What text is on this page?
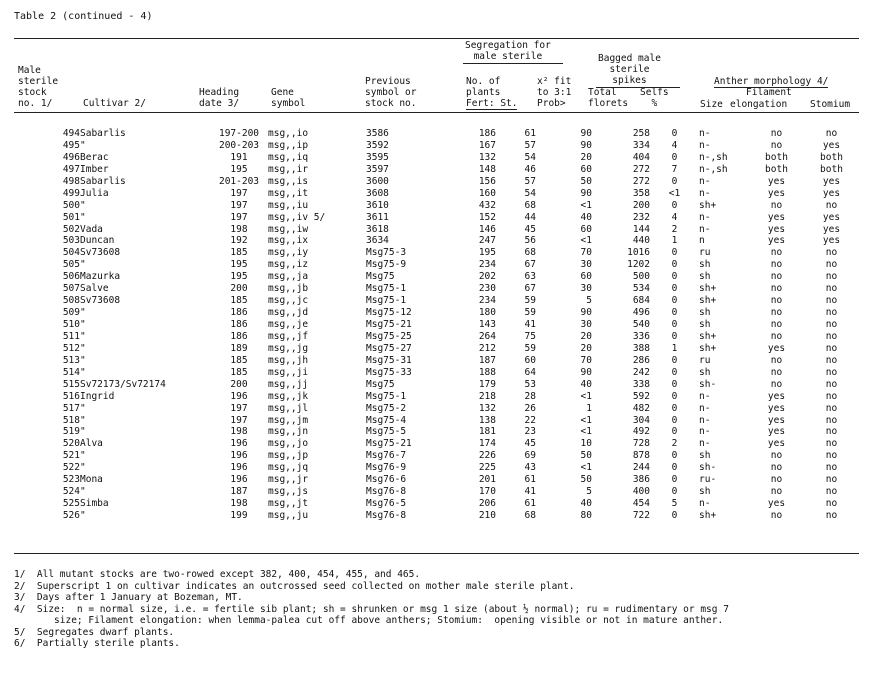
Table 2 (continued - 4)
Male
sterile
stock
no. 1/	Cultivar 2/
Heading
date 3/
Gene
symbol
Previous
symbol or
stock no.
Segregation for
male sterile
No. of
plants
Fert: St.
x² fit
to 3:1
Prob>
Bagged male
sterile
spikes
Total
florets
Selfs
%
Anther morphology 4/
Filament
Size elongation Stomium
	494	Sabarlis	197-200	msg,,io	3586	186	61	90	258	0	n-	no	no
	495	"	200-203	msg,,ip	3592	167	57	90	334	4	n-	no	yes
	496	Berac	191	msg,,iq	3595	132	54	20	404	0	n-,sh	both	both
	497	Imber	195	msg,,ir	3597	148	46	60	272	7	n-,sh	both	both
	498	Sabarlis	201-203	msg,,is	3600	156	57	50	272	0	n-	yes	yes
	499	Julia	197	msg,,it	3608	160	54	90	358	<1	n-	yes	yes
	500	"	197	msg,,iu	3610	432	68	<1	200	0	sh+	no	no
	501	"	197	msg,,iv 5/	3611	152	44	40	232	4	n-	yes	yes
	502	Vada	198	msg,,iw	3618	146	45	60	144	2	n-	yes	yes
	503	Duncan	192	msg,,ix	3634	247	56	<1	440	1	n	yes	yes
	504	Sv73608	185	msg,,iy	Msg75-3	195	68	70	1016	0	ru	no	no
	505	"	195	msg,,iz	Msg75-9	234	67	30	1202	0	sh	no	no
	506	Mazurka	195	msg,,ja	Msg75	202	63	60	500	0	sh	no	no
	507	Salve	200	msg,,jb	Msg75-1	230	67	30	534	0	sh+	no	no
	508	Sv73608	185	msg,,jc	Msg75-1	234	59	5	684	0	sh+	no	no
	509	"	186	msg,,jd	Msg75-12	180	59	90	496	0	sh	no	no
	510	"	186	msg,,je	Msg75-21	143	41	30	540	0	sh	no	no
	511	"	186	msg,,jf	Msg75-25	264	75	20	336	0	sh+	no	no
	512	"	189	msg,,jg	Msg75-27	212	59	20	388	1	sh+	yes	no
	513	"	185	msg,,jh	Msg75-31	187	60	70	286	0	ru	no	no
	514	"	185	msg,,ji	Msg75-33	188	64	90	242	0	sh	no	no
	515	Sv72173/Sv72174	200	msg,,jj	Msg75	179	53	40	338	0	sh-	no	no
	516	Ingrid	196	msg,,jk	Msg75-1	218	28	<1	592	0	n-	yes	no
	517	"	197	msg,,jl	Msg75-2	132	26	1	482	0	n-	yes	no
	518	"	197	msg,,jm	Msg75-4	138	22	<1	304	0	n-	yes	no
	519	"	198	msg,,jn	Msg75-5	181	23	<1	492	0	n-	yes	no
	520	Alva	196	msg,,jo	Msg75-21	174	45	10	728	2	n-	yes	no
	521	"	196	msg,,jp	Msg76-7	226	69	50	878	0	sh	no	no
	522	"	196	msg,,jq	Msg76-9	225	43	<1	244	0	sh-	no	no
	523	Mona	196	msg,,jr	Msg76-6	201	61	50	386	0	ru-	no	no
	524	"	187	msg,,js	Msg76-8	170	41	5	400	0	sh	no	no
	525	Simba	198	msg,,jt	Msg76-5	206	61	40	454	5	n-	yes	no
	526	"	199	msg,,ju	Msg76-8	210	68	80	722	0	sh+	no	no
1/  All mutant stocks are two-rowed except 382, 400, 454, 455, and 465.
2/  Superscript 1 on cultivar indicates an outcrossed seed collected on mother male sterile plant.
3/  Days after 1 January at Bozeman, MT.
4/  Size:  n = normal size, i.e. = fertile sib plant; sh = shrunken or msg 1 size (about ½ normal); ru = rudimentary or msg 7
size; Filament elongation: when lemma-palea cut off above anthers; Stomium:  opening visible or not in mature anther.
5/  Segregates dwarf plants.
6/  Partially sterile plants.
